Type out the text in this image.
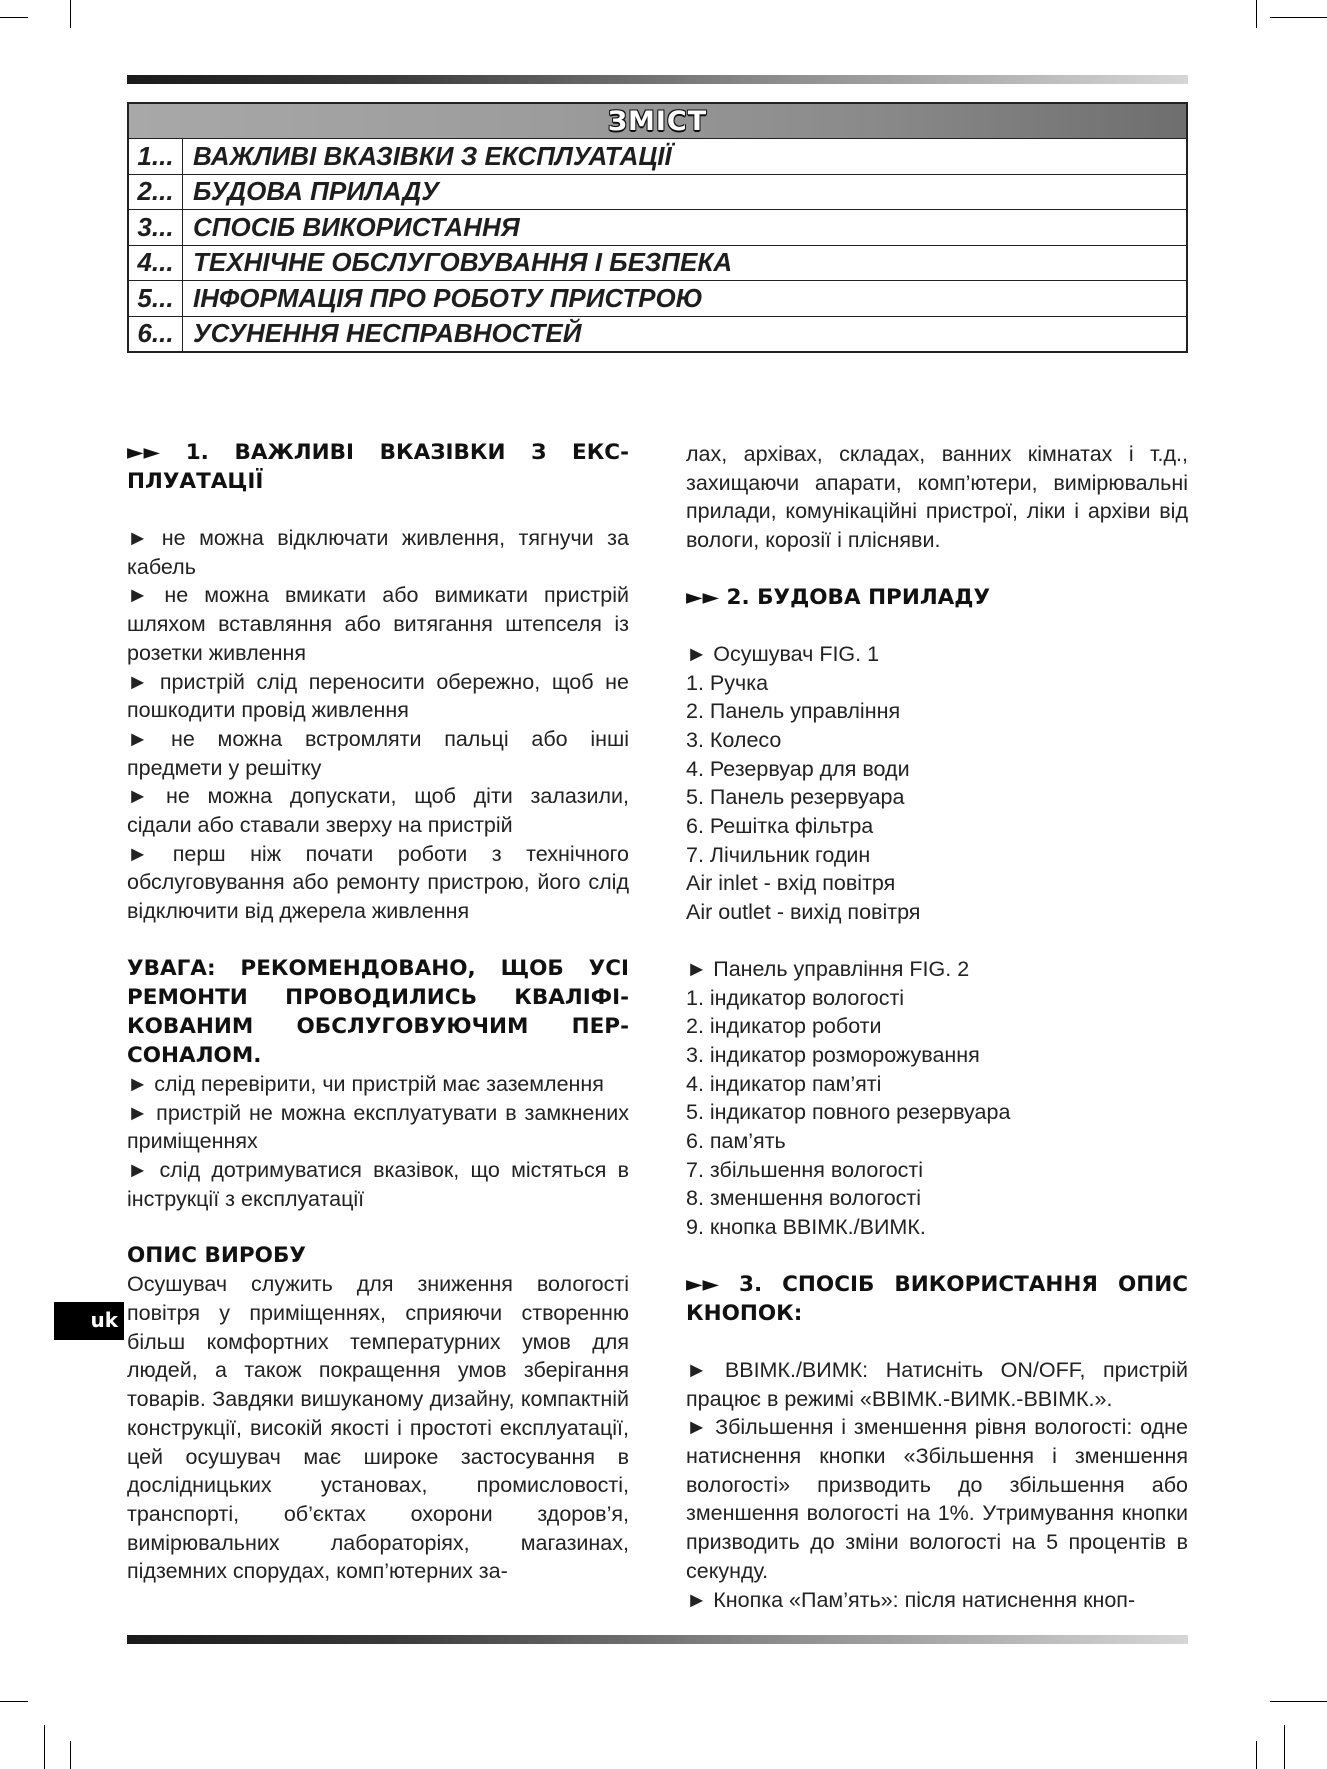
ЗМІСТ	
1...	ВАЖЛИВІ ВКАЗІВКИ З ЕКСПЛУАТАЦІЇ
2...	БУДОВА ПРИЛАДУ
3...	СПОСІБ ВИКОРИСТАННЯ
4...	ТЕХНІЧНЕ ОБСЛУГОВУВАННЯ І БЕЗПЕКА
5...	ІНФОРМАЦІЯ ПРО РОБОТУ ПРИСТРОЮ
6...	УСУНЕННЯ НЕСПРАВНОСТЕЙ

►► 1. ВАЖЛИВІ ВКАЗІВКИ З ЕКС-ПЛУАТАЦІЇ

► не можна відключати живлення, тягнучи за кабель

► не можна вмикати або вимикати пристрій шляхом вставляння або витягання штепселя із розетки живлення

► пристрій слід переносити обережно, щоб не пошкодити провід живлення

► не можна встромляти пальці або інші предмети у решітку

► не можна допускати, щоб діти залазили, сідали або ставали зверху на пристрій

► перш ніж почати роботи з технічного обслуговування або ремонту пристрою, його слід відключити від джерела живлення

УВАГА: РЕКОМЕНДОВАНО, ЩОБ УСІ РЕМОНТИ ПРОВОДИЛИСЬ КВАЛІФІ-КОВАНИМ ОБСЛУГОВУЮЧИМ ПЕР-СОНАЛОМ.

► слід перевірити, чи пристрій має заземлення

► пристрій не можна експлуатувати в замкнених приміщеннях

► слід дотримуватися вказівок, що містяться в інструкції з експлуатації

ОПИС ВИРОБУ

Осушувач служить для зниження вологості повітря у приміщеннях, сприяючи створенню більш комфортних температурних умов для людей, а також покращення умов зберігання товарів. Завдяки вишуканому дизайну, компактній конструкції, високій якості і простоті експлуатації, цей осушувач має широке застосування в дослідницьких установах, промисловості, транспорті, об’єктах охорони здоров’я, вимірювальних лабораторіях, магазинах, підземних спорудах, комп’ютерних за-

uk

лах, архівах, складах, ванних кімнатах і т.д., захищаючи апарати, комп’ютери, вимірювальні прилади, комунікаційні пристрої, ліки і архіви від вологи, корозії і плісняви.

►► 2. БУДОВА ПРИЛАДУ

► Осушувач FIG. 1

1. Ручка

2. Панель управління

3. Колесо

4. Резервуар для води

5. Панель резервуара

6. Решітка фільтра

7. Лічильник годин

Air inlet - вхід повітря

Air outlet - вихід повітря

► Панель управління FIG. 2

1. індикатор вологості

2. індикатор роботи

3. індикатор розморожування

4. індикатор пам’яті

5. індикатор повного резервуара

6. пам’ять

7. збільшення вологості

8. зменшення вологості

9. кнопка ВВІМК./ВИМК.

►► 3. СПОСІБ ВИКОРИСТАННЯ ОПИС КНОПОК:

► ВВІМК./ВИМК: Натисніть ON/OFF, пристрій працює в режимі «ВВІМК.-ВИМК.-ВВІМК.».

► Збільшення і зменшення рівня вологості: одне натиснення кнопки «Збільшення і зменшення вологості» призводить до збільшення або зменшення вологості на 1%. Утримування кнопки призводить до зміни вологості на 5 процентів в секунду.

► Кнопка «Пам’ять»: після натиснення кноп-
